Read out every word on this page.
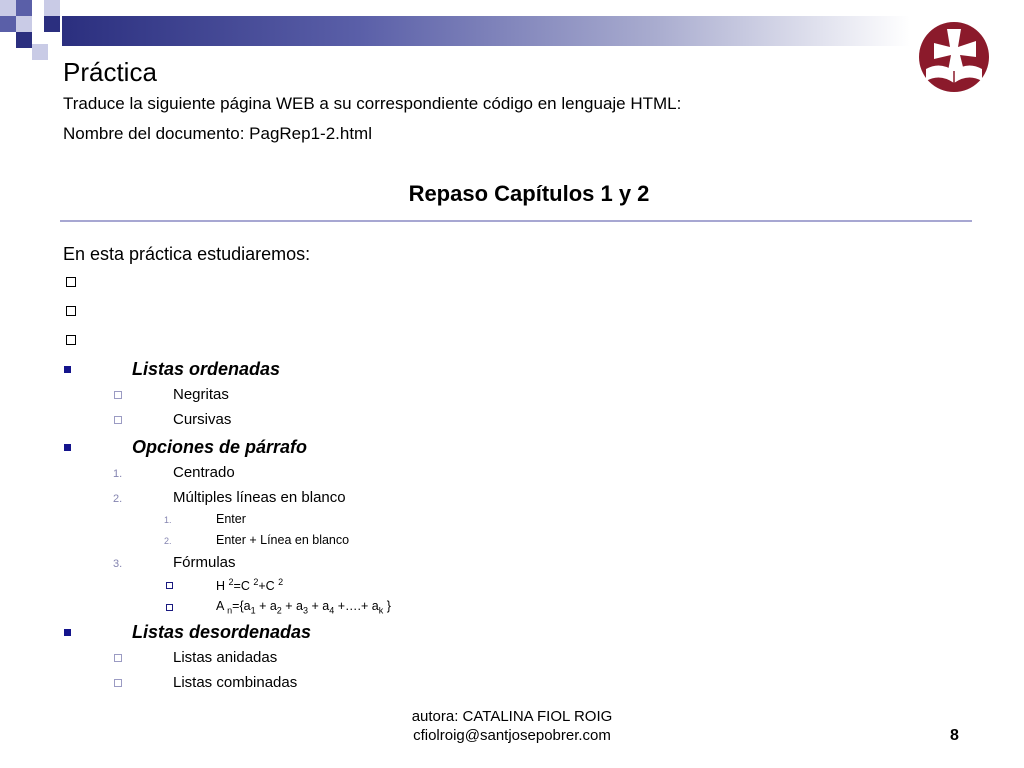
Práctica
Traduce la siguiente página WEB a su correspondiente código en lenguaje HTML:
Nombre del documento: PagRep1-2.html
Repaso Capítulos 1 y 2
En esta práctica estudiaremos:
Listas ordenadas
Negritas
Cursivas
Opciones de párrafo
1.	Centrado
2.	Múltiples líneas en blanco
1.	Enter
2.	Enter + Línea en blanco
3.	Fórmulas
H $^2$=C $^2$+C $^2$
A $_n=\{a_1 + a_2 + a_3 + a_4$ +….+ $a_k$ }
Listas desordenadas
Listas anidadas
Listas combinadas
autora: CATALINA FIOL ROIG
cfiolroig@santjosepobrer.com	8
